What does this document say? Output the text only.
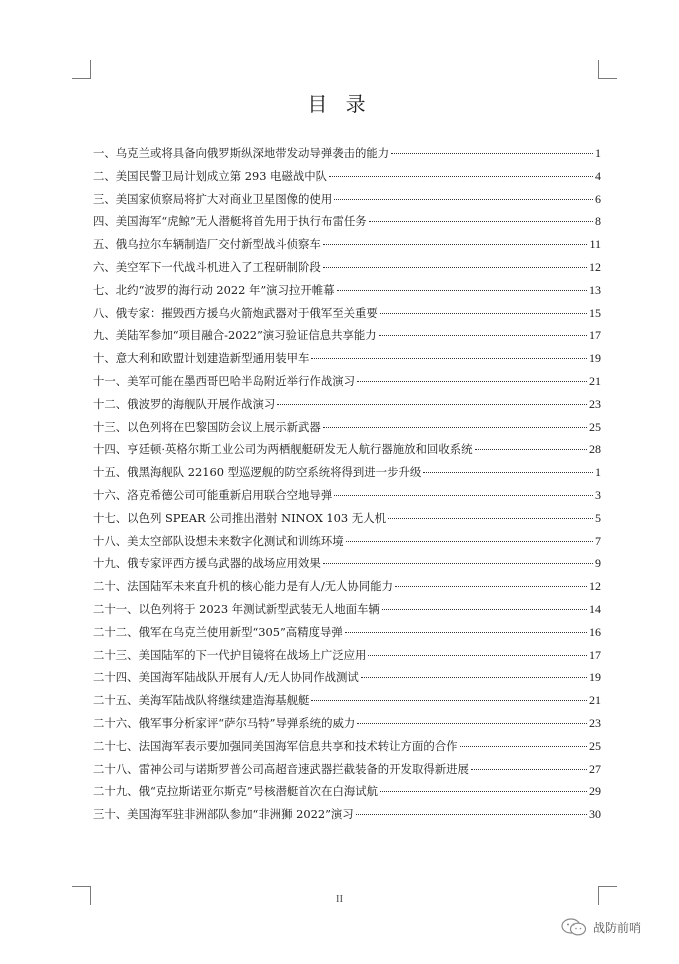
目 录
一、乌克兰或将具备向俄罗斯纵深地带发动导弹袭击的能力	1
二、美国民警卫局计划成立第 293 电磁战中队	4
三、美国家侦察局将扩大对商业卫星图像的使用	6
四、美国海军“虎鲸”无人潜艇将首先用于执行布雷任务	8
五、俄乌拉尔车辆制造厂交付新型战斗侦察车	11
六、美空军下一代战斗机进入了工程研制阶段	12
七、北约“波罗的海行动 2022 年”演习拉开帷幕	13
八、俄专家：摧毁西方援乌火箭炮武器对于俄军至关重要	15
九、美陆军参加“项目融合-2022”演习验证信息共享能力	17
十、意大利和欧盟计划建造新型通用装甲车	19
十一、美军可能在墨西哥巴哈半岛附近举行作战演习	21
十二、俄波罗的海舰队开展作战演习	23
十三、以色列将在巴黎国防会议上展示新武器	25
十四、亨廷顿·英格尔斯工业公司为两栖舰艇研发无人航行器施放和回收系统	28
十五、俄黑海舰队 22160 型巡逻舰的防空系统将得到进一步升级	1
十六、洛克希德公司可能重新启用联合空地导弹	3
十七、以色列 SPEAR 公司推出潜射 NINOX 103 无人机	5
十八、美太空部队设想未来数字化测试和训练环境	7
十九、俄专家评西方援乌武器的战场应用效果	9
二十、法国陆军未来直升机的核心能力是有人/无人协同能力	12
二十一、以色列将于 2023 年测试新型武装无人地面车辆	14
二十二、俄军在乌克兰使用新型“305”高精度导弹	16
二十三、美国陆军的下一代护目镜将在战场上广泛应用	17
二十四、美国海军陆战队开展有人/无人协同作战测试	19
二十五、美海军陆战队将继续建造海基舰艇	21
二十六、俄军事分析家评“萨尔马特”导弹系统的威力	23
二十七、法国海军表示要加强同美国海军信息共享和技术转让方面的合作	25
二十八、雷神公司与诺斯罗普公司高超音速武器拦截装备的开发取得新进展	27
二十九、俄“克拉斯诺亚尔斯克”号核潜艇首次在白海试航	29
三十、美国海军驻非洲部队参加“非洲狮 2022”演习	30
II
战防前哨
